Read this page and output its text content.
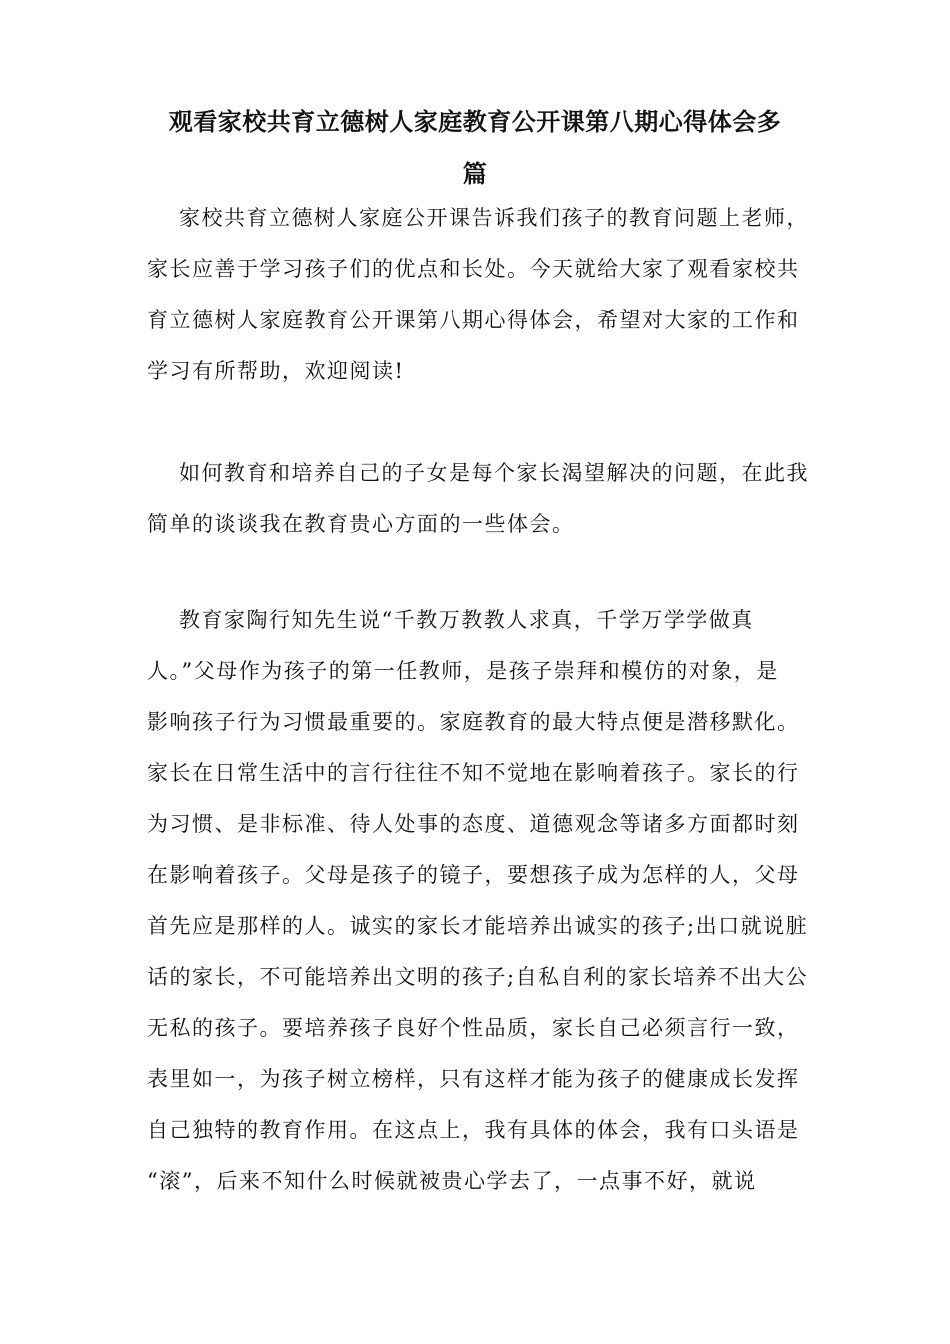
观看家校共育立德树人家庭教育公开课第八期心得体会多
篇

家校共育立德树人家庭公开课告诉我们孩子的教育问题上老师，

家长应善于学习孩子们的优点和长处。今天就给大家了观看家校共

育立德树人家庭教育公开课第八期心得体会，希望对大家的工作和

学习有所帮助，欢迎阅读!

如何教育和培养自己的子女是每个家长渴望解决的问题，在此我

简单的谈谈我在教育贵心方面的一些体会。

教育家陶行知先生说“千教万教教人求真，千学万学学做真

人。”父母作为孩子的第一任教师，是孩子崇拜和模仿的对象，是

影响孩子行为习惯最重要的。家庭教育的最大特点便是潜移默化。

家长在日常生活中的言行往往不知不觉地在影响着孩子。家长的行

为习惯、是非标准、待人处事的态度、道德观念等诸多方面都时刻

在影响着孩子。父母是孩子的镜子，要想孩子成为怎样的人，父母

首先应是那样的人。诚实的家长才能培养出诚实的孩子;出口就说脏

话的家长，不可能培养出文明的孩子;自私自利的家长培养不出大公

无私的孩子。要培养孩子良好个性品质，家长自己必须言行一致，

表里如一，为孩子树立榜样，只有这样才能为孩子的健康成长发挥

自己独特的教育作用。在这点上，我有具体的体会，我有口头语是

“滚”，后来不知什么时候就被贵心学去了，一点事不好，就说
